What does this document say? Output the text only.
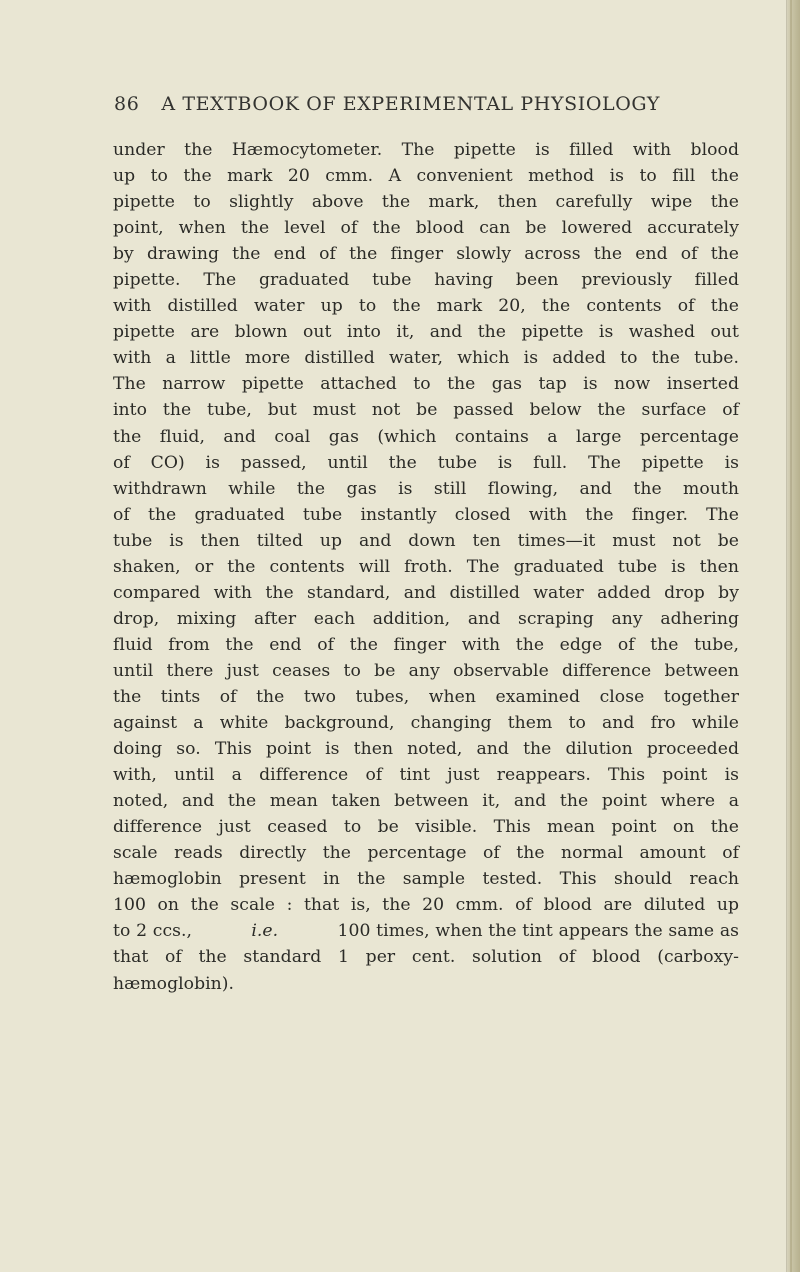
86 A TEXTBOOK OF EXPERIMENTAL PHYSIOLOGY
under the Hæmocytometer. The pipette is filled with blood
up to the mark 20 cmm. A convenient method is to fill the
pipette to slightly above the mark, then carefully wipe the
point, when the level of the blood can be lowered accurately
by drawing the end of the finger slowly across the end of the
pipette. The graduated tube having been previously filled
with distilled water up to the mark 20, the contents of the
pipette are blown out into it, and the pipette is washed out
with a little more distilled water, which is added to the tube.
The narrow pipette attached to the gas tap is now inserted
into the tube, but must not be passed below the surface of
the fluid, and coal gas (which contains a large percentage
of CO) is passed, until the tube is full. The pipette is
withdrawn while the gas is still flowing, and the mouth
of the graduated tube instantly closed with the finger. The
tube is then tilted up and down ten times—it must not be
shaken, or the contents will froth. The graduated tube is then
compared with the standard, and distilled water added drop by
drop, mixing after each addition, and scraping any adhering
fluid from the end of the finger with the edge of the tube,
until there just ceases to be any observable difference between
the tints of the two tubes, when examined close together
against a white background, changing them to and fro while
doing so. This point is then noted, and the dilution proceeded
with, until a difference of tint just reappears. This point is
noted, and the mean taken between it, and the point where a
difference just ceased to be visible. This mean point on the
scale reads directly the percentage of the normal amount of
hæmoglobin present in the sample tested. This should reach
100 on the scale : that is, the 20 cmm. of blood are diluted up
to 2 ccs.,	i.e.	100 times, when the tint appears the same as
that of the standard 1 per cent. solution of blood (carboxy-
hæmoglobin).
